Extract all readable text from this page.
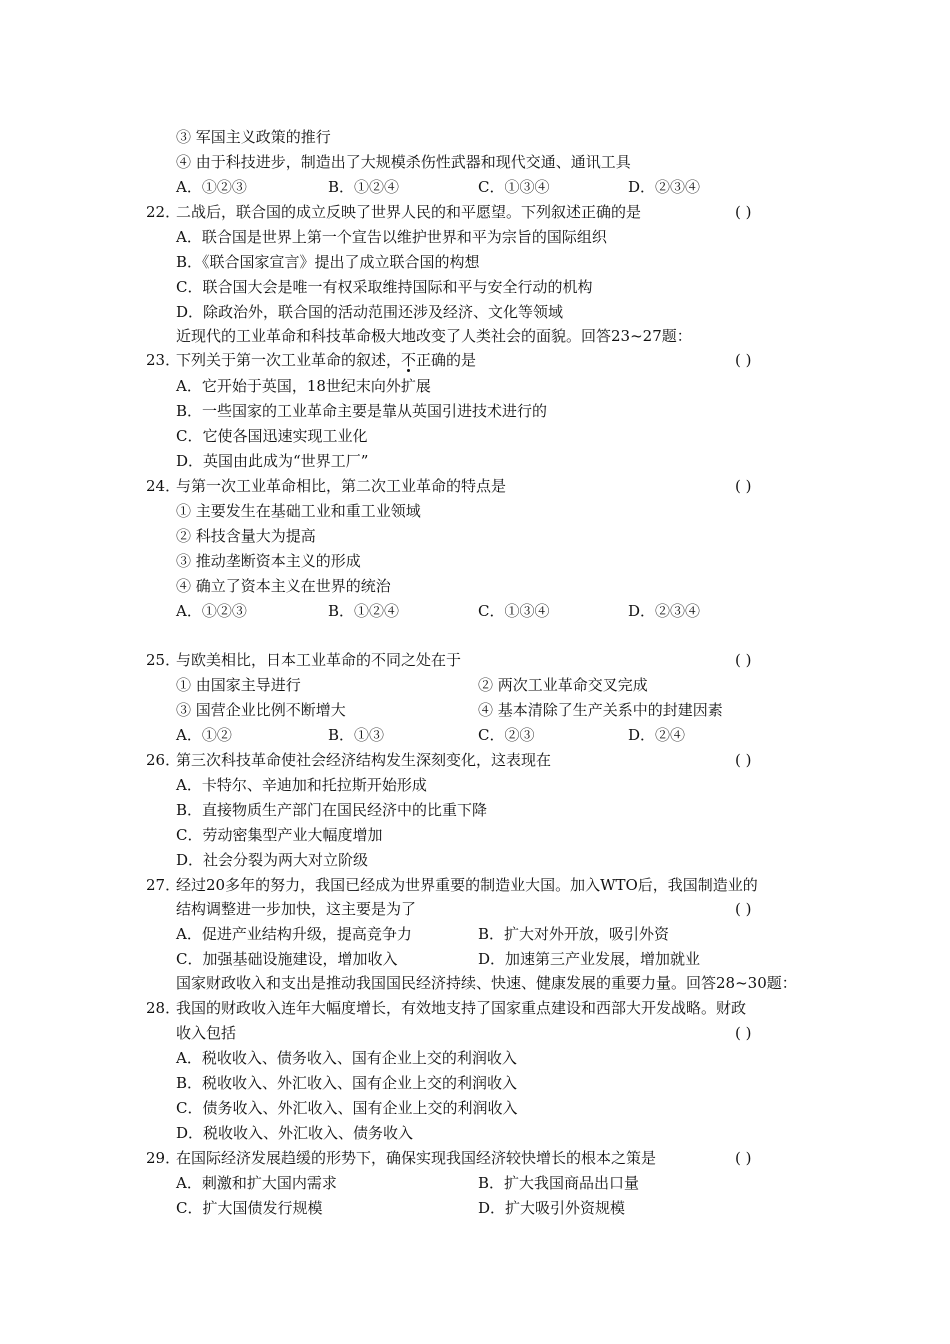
③ 军国主义政策的推行
④ 由于科技进步，制造出了大规模杀伤性武器和现代交通、通讯工具
A．①②③	B．①②④	C．①③④	D．②③④
22．
二战后，联合国的成立反映了世界人民的和平愿望。下列叙述正确的是	( )
A．联合国是世界上第一个宣告以维护世界和平为宗旨的国际组织
B．《联合国家宣言》提出了成立联合国的构想
C．联合国大会是唯一有权采取维持国际和平与安全行动的机构
D．除政治外，联合国的活动范围还涉及经济、文化等领域
近现代的工业革命和科技革命极大地改变了人类社会的面貌。回答23~27题：
23．
下列关于第一次工业革命的叙述，不正确的是	( )
A．它开始于英国，18世纪末向外扩展
B．一些国家的工业革命主要是靠从英国引进技术进行的
C．它使各国迅速实现工业化
D．英国由此成为“世界工厂”
24．
与第一次工业革命相比，第二次工业革命的特点是	( )
① 主要发生在基础工业和重工业领域
② 科技含量大为提高
③ 推动垄断资本主义的形成
④ 确立了资本主义在世界的统治
A．①②③	B．①②④	C．①③④	D．②③④
25．
与欧美相比，日本工业革命的不同之处在于	( )
① 由国家主导进行	② 两次工业革命交叉完成
③ 国营企业比例不断增大	④ 基本清除了生产关系中的封建因素
A．①②	B．①③	C．②③	D．②④
26．
第三次科技革命使社会经济结构发生深刻变化，这表现在	( )
A．卡特尔、辛迪加和托拉斯开始形成
B．直接物质生产部门在国民经济中的比重下降
C．劳动密集型产业大幅度增加
D．社会分裂为两大对立阶级
27．
经过20多年的努力，我国已经成为世界重要的制造业大国。加入WTO后，我国制造业的
结构调整进一步加快，这主要是为了	( )
A．促进产业结构升级，提高竞争力	B．扩大对外开放，吸引外资
C．加强基础设施建设，增加收入	D．加速第三产业发展，增加就业
国家财政收入和支出是推动我国国民经济持续、快速、健康发展的重要力量。回答28~30题：
28．
我国的财政收入连年大幅度增长，有效地支持了国家重点建设和西部大开发战略。财政
收入包括	( )
A．税收收入、债务收入、国有企业上交的利润收入
B．税收收入、外汇收入、国有企业上交的利润收入
C．债务收入、外汇收入、国有企业上交的利润收入
D．税收收入、外汇收入、债务收入
29．
在国际经济发展趋缓的形势下，确保实现我国经济较快增长的根本之策是	( )
A．刺激和扩大国内需求	B．扩大我国商品出口量
C．扩大国债发行规模	D．扩大吸引外资规模
